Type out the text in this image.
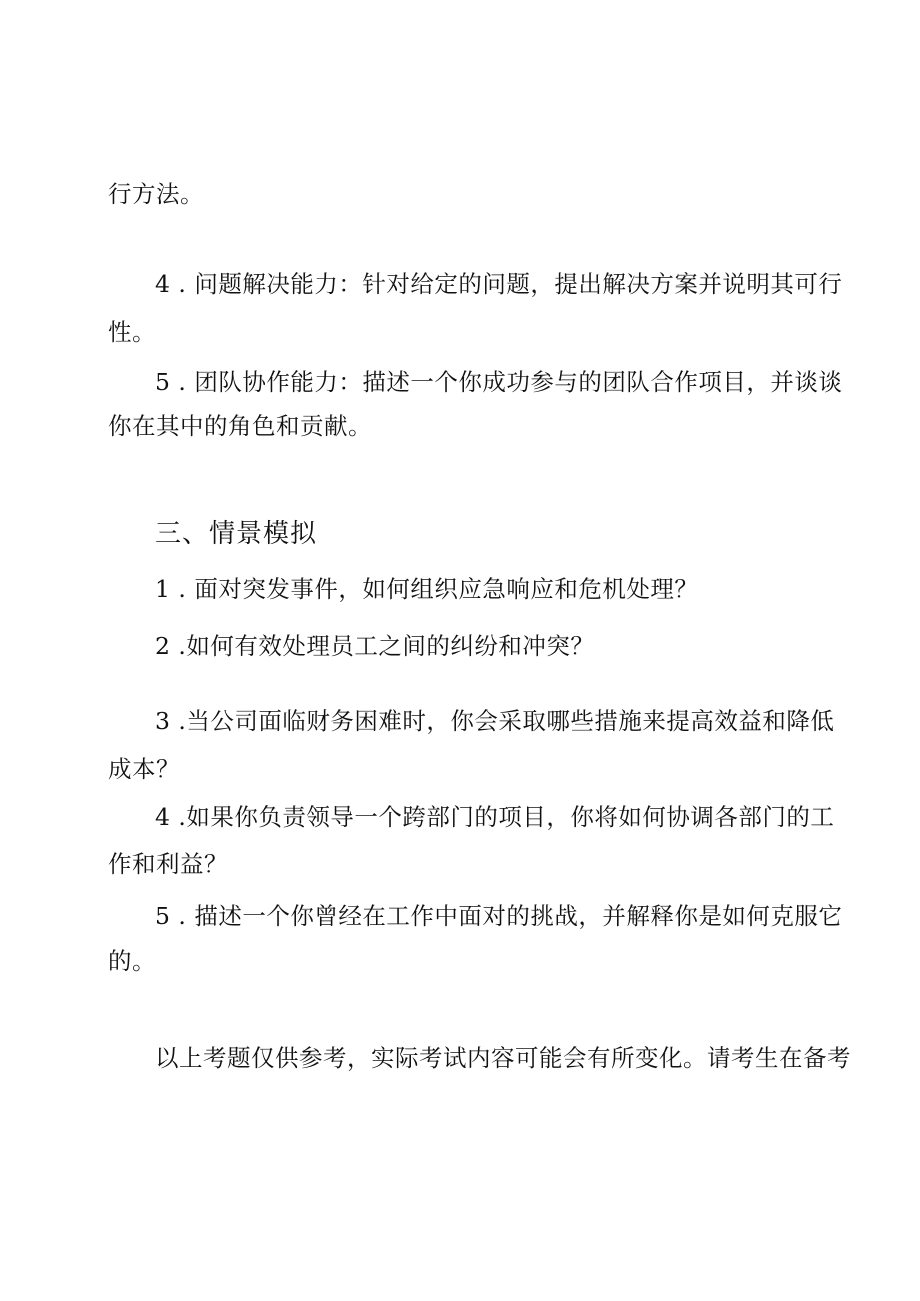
行方法。
4 . 问题解决能力：针对给定的问题，提出解决方案并说明其可行
性。
5 . 团队协作能力：描述一个你成功参与的团队合作项目，并谈谈
你在其中的角色和贡献。
三、情景模拟
1 . 面对突发事件，如何组织应急响应和危机处理？
2 .如何有效处理员工之间的纠纷和冲突？
3 .当公司面临财务困难时，你会采取哪些措施来提高效益和降低
成本？
4 .如果你负责领导一个跨部门的项目，你将如何协调各部门的工
作和利益？
5 . 描述一个你曾经在工作中面对的挑战，并解释你是如何克服它
的。
以上考题仅供参考，实际考试内容可能会有所变化。请考生在备考
